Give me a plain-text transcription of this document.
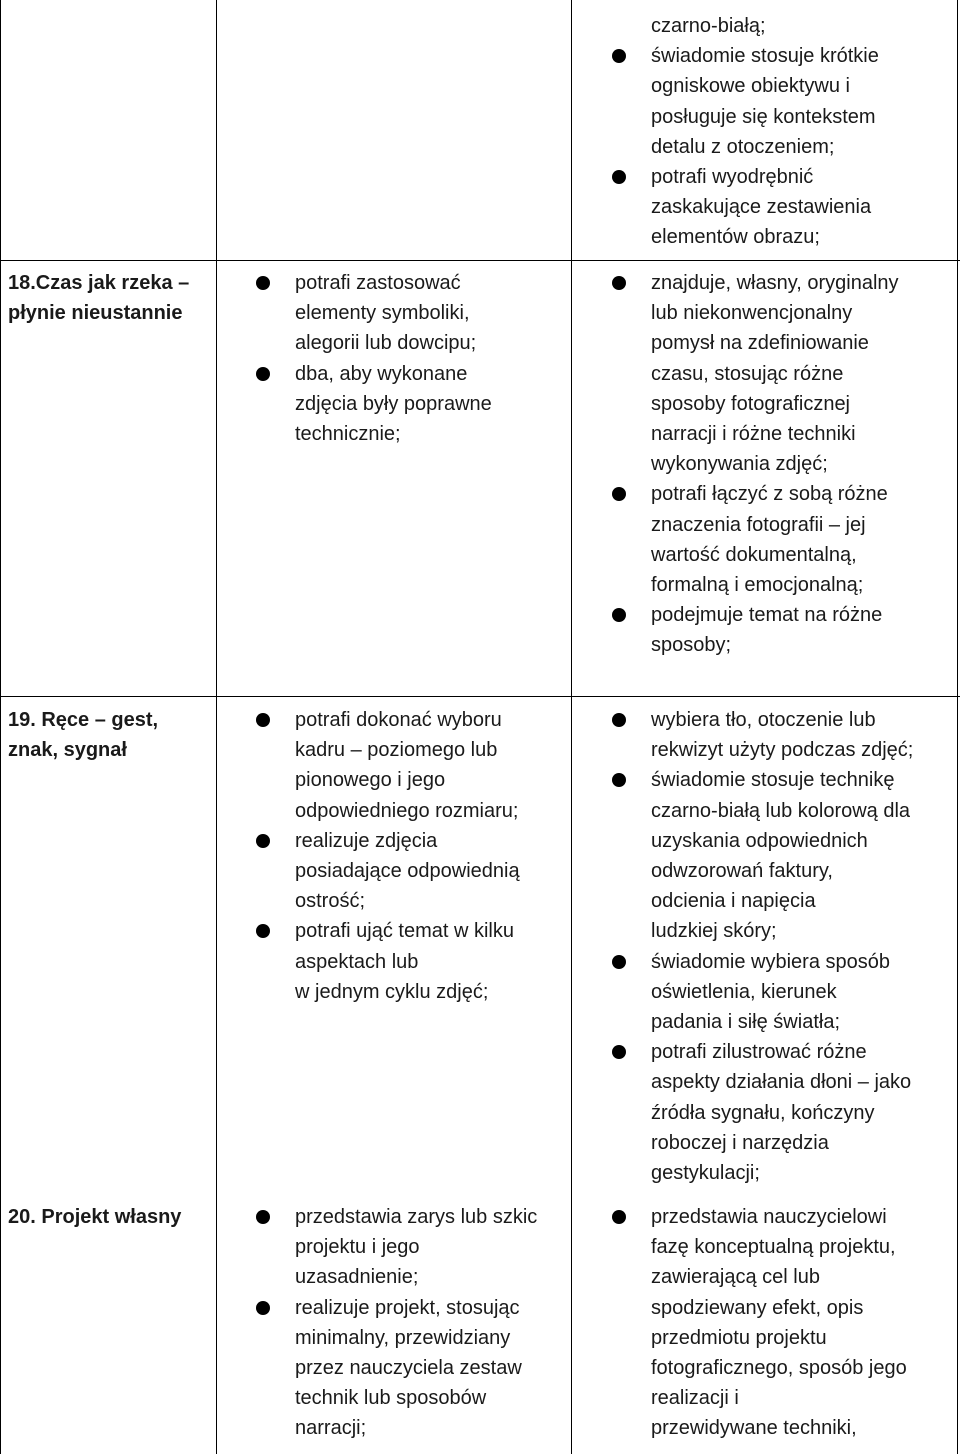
czarno-białą;
świadomie stosuje krótkie
ogniskowe obiektywu i
posługuje się kontekstem
detalu z otoczeniem;
potrafi wyodrębnić
zaskakujące zestawienia
elementów obrazu;
18.Czas jak rzeka –
płynie nieustannie
potrafi zastosować
elementy symboliki,
alegorii lub dowcipu;
dba, aby wykonane
zdjęcia były poprawne
technicznie;
znajduje, własny, oryginalny
lub niekonwencjonalny
pomysł na zdefiniowanie
czasu, stosując różne
sposoby fotograficznej
narracji i różne techniki
wykonywania zdjęć;
potrafi łączyć z sobą różne
znaczenia fotografii – jej
wartość dokumentalną,
formalną i emocjonalną;
podejmuje temat na różne
sposoby;
19. Ręce – gest,
znak, sygnał
potrafi dokonać wyboru
kadru – poziomego lub
pionowego i jego
odpowiedniego rozmiaru;
realizuje zdjęcia
posiadające odpowiednią
ostrość;
potrafi ująć temat w kilku
aspektach lub
w jednym cyklu zdjęć;
wybiera tło, otoczenie lub
rekwizyt użyty podczas zdjęć;
świadomie stosuje technikę
czarno-białą lub kolorową dla
uzyskania odpowiednich
odwzorowań faktury,
odcienia i napięcia
ludzkiej skóry;
świadomie wybiera sposób
oświetlenia, kierunek
padania i siłę światła;
potrafi zilustrować różne
aspekty działania dłoni – jako
źródła sygnału, kończyny
roboczej i narzędzia
gestykulacji;
20. Projekt własny	przedstawia zarys lub szkic
projektu i jego
uzasadnienie;
realizuje projekt, stosując
minimalny, przewidziany
przez nauczyciela zestaw
technik lub sposobów
narracji;
przedstawia nauczycielowi
fazę konceptualną projektu,
zawierającą cel lub
spodziewany efekt, opis
przedmiotu projektu
fotograficznego, sposób jego
realizacji i
przewidywane techniki,
